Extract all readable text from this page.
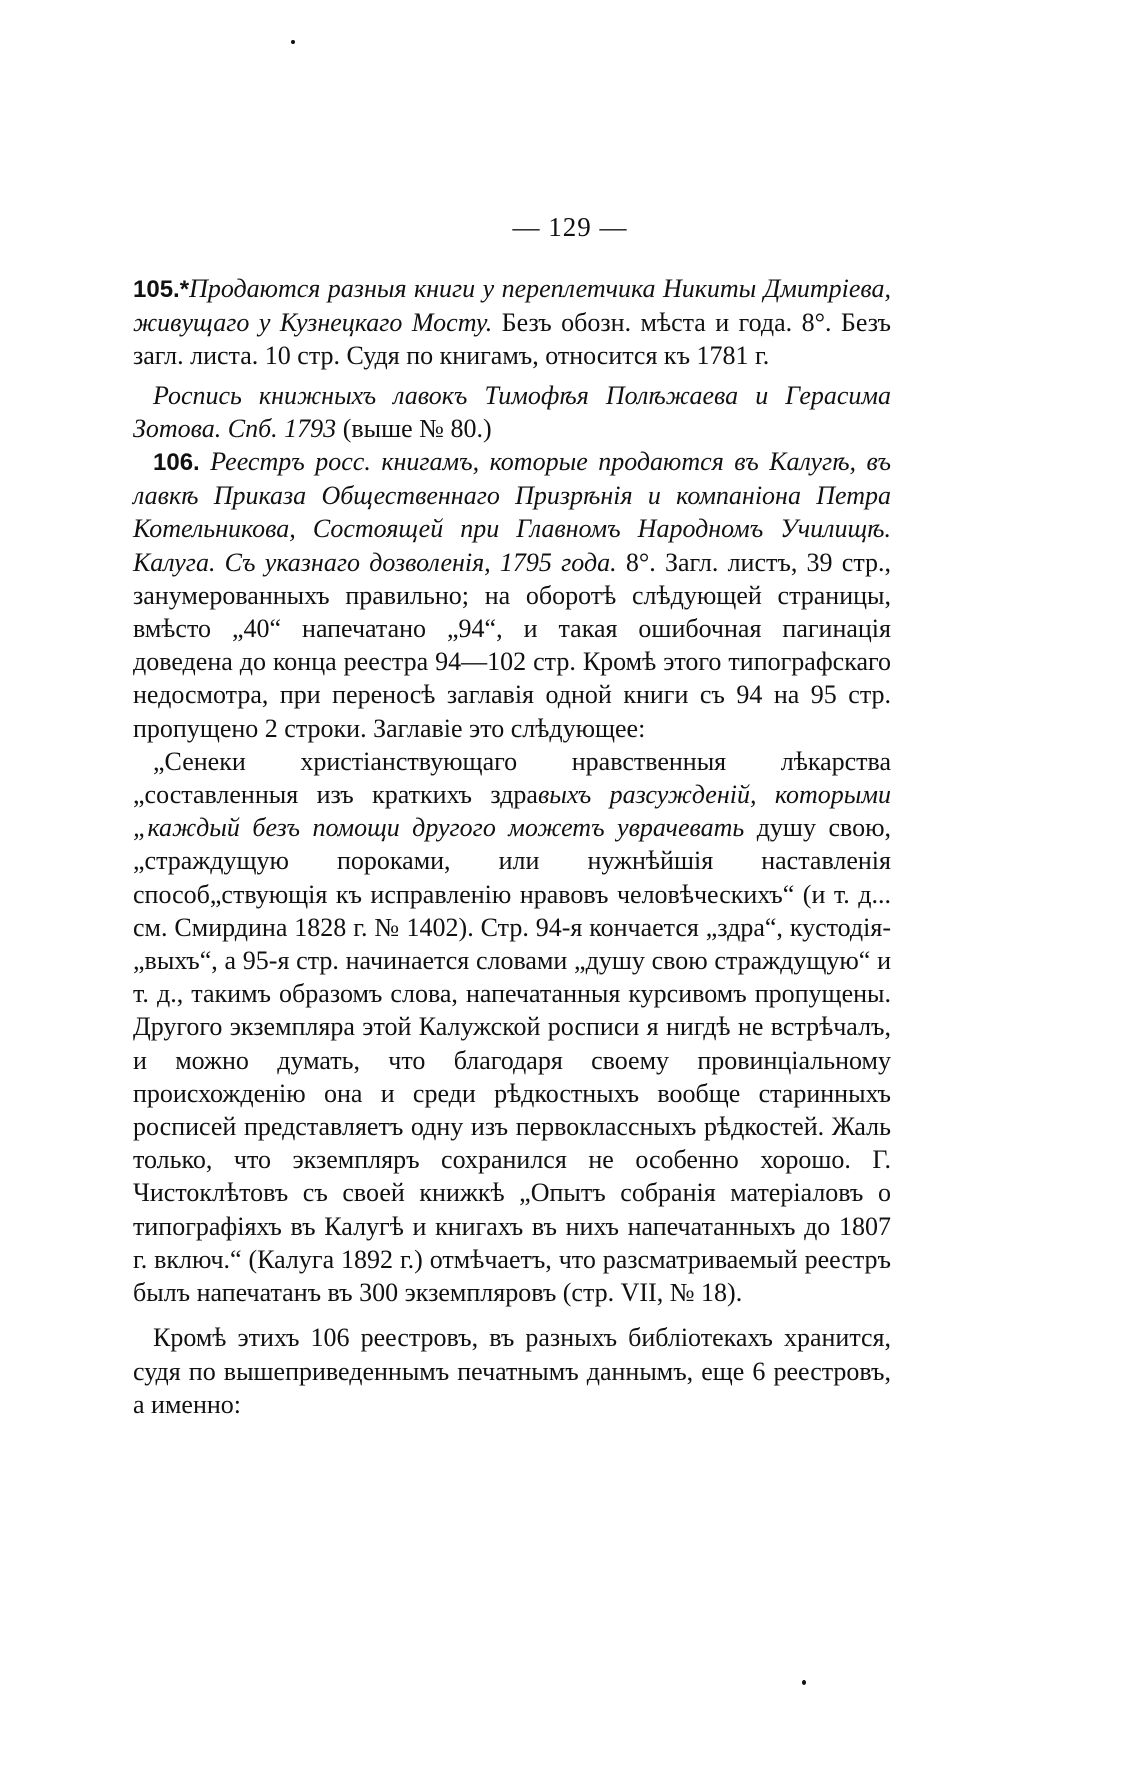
— 129 —

105.*Продаются разныя книги у переплетчика Никиты Дмитріева, живущаго у Кузнецкаго Мосту. Безъ обозн. мѣста и года. 8°. Безъ загл. листа. 10 стр. Судя по книгамъ, относится къ 1781 г.

Роспись книжныхъ лавокъ Тимофѣя Полѣжаева и Герасима Зотова. Спб. 1793 (выше № 80.)

106. Реестръ росс. книгамъ, которые продаются въ Калугѣ, въ лавкѣ Приказа Общественнаго Призрѣнія и компаніона Петра Котельникова, Состоящей при Главномъ Народномъ Училищѣ. Калуга. Съ указнаго дозволенія, 1795 года. 8°. Загл. листъ, 39 стр., занумерованныхъ правильно; на оборотѣ слѣдующей страницы, вмѣсто „40“ напечатано „94“, и такая ошибочная пагинація доведена до конца реестра 94—102 стр. Кромѣ этого типографскаго недосмотра, при переносѣ заглавія одной книги съ 94 на 95 стр. пропущено 2 строки. Заглавіе это слѣдующее:

„Сенеки христіанствующаго нравственныя лѣкарства „составленныя изъ краткихъ здравыхъ разсужденій, которыми „каждый безъ помощи другого можетъ уврачевать душу свою, „страждущую пороками, или нужнѣйшія наставленія способ„ствующія къ исправленію нравовъ человѣческихъ“ (и т. д... см. Смирдина 1828 г. № 1402). Стр. 94-я кончается „здра“, кустодія-„выхъ“, а 95-я стр. начинается словами „душу свою страждущую“ и т. д., такимъ образомъ слова, напечатанныя курсивомъ пропущены. Другого экземпляра этой Калужской росписи я нигдѣ не встрѣчалъ, и можно думать, что благодаря своему провинціальному происхожденію она и среди рѣдкостныхъ вообще старинныхъ росписей представляетъ одну изъ первоклассныхъ рѣдкостей. Жаль только, что экземпляръ сохранился не особенно хорошо. Г. Чистоклѣтовъ съ своей книжкѣ „Опытъ собранія матеріаловъ о типографіяхъ въ Калугѣ и книгахъ въ нихъ напечатанныхъ до 1807 г. включ.“ (Калуга 1892 г.) отмѣчаетъ, что разсматриваемый реестръ былъ напечатанъ въ 300 экземпляровъ (стр. VII, № 18).

Кромѣ этихъ 106 реестровъ, въ разныхъ библіотекахъ хранится, судя по вышеприведеннымъ печатнымъ даннымъ, еще 6 реестровъ, а именно:
